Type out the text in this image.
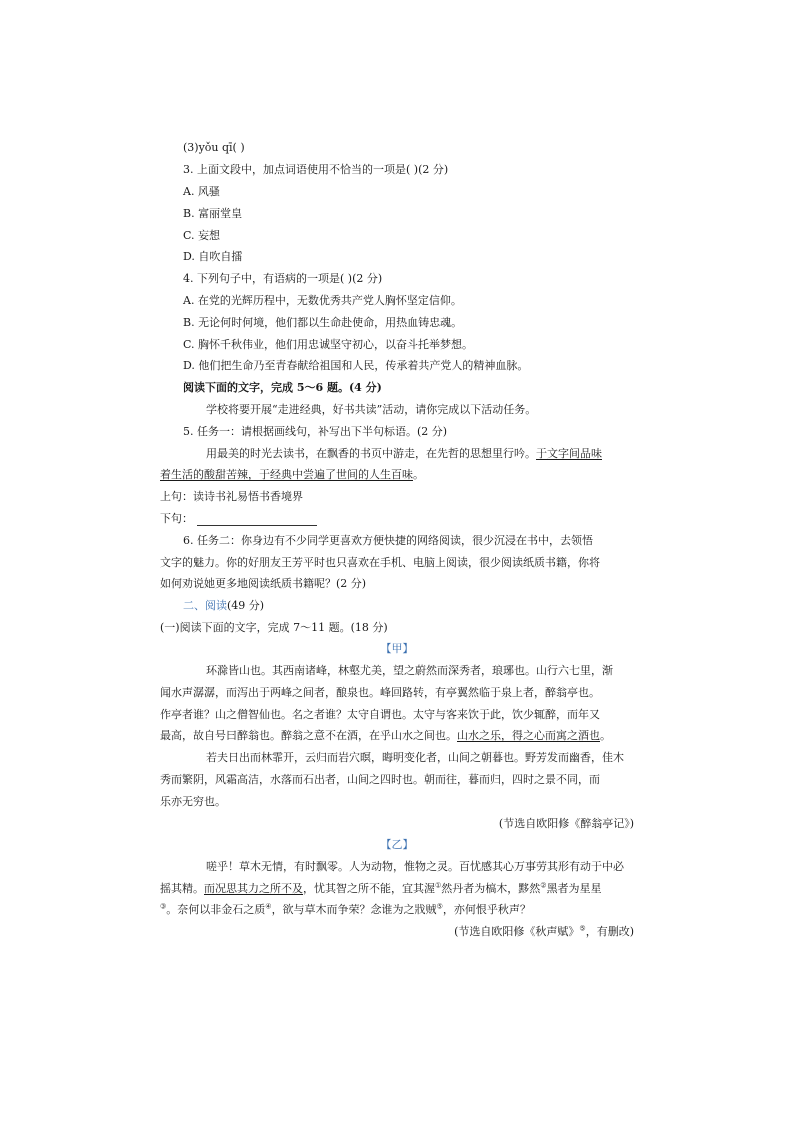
(3)yǒu qī( )
3. 上面文段中，加点词语使用不恰当的一项是( )(2 分)
A. 风骚
B. 富丽堂皇
C. 妄想
D. 自吹自擂
4. 下列句子中，有语病的一项是( )(2 分)
A. 在党的光辉历程中，无数优秀共产党人胸怀坚定信仰。
B. 无论何时何境，他们都以生命赴使命，用热血铸忠魂。
C. 胸怀千秋伟业，他们用忠诚坚守初心，以奋斗托举梦想。
D. 他们把生命乃至青春献给祖国和人民，传承着共产党人的精神血脉。
阅读下面的文字，完成 5～6 题。(4 分)
学校将要开展“走进经典，好书共读”活动，请你完成以下活动任务。
5. 任务一：请根据画线句，补写出下半句标语。(2 分)
用最美的时光去读书，在飘香的书页中游走，在先哲的思想里行吟。于文字间品味
着生活的酸甜苦辣，于经典中尝遍了世间的人生百味。
上句：读诗书礼易悟书香境界
下句：
6. 任务二：你身边有不少同学更喜欢方便快捷的网络阅读，很少沉浸在书中，去领悟
文字的魅力。你的好朋友王芳平时也只喜欢在手机、电脑上阅读，很少阅读纸质书籍，你将
如何劝说她更多地阅读纸质书籍呢？(2 分)
二、阅读(49 分)
(一)阅读下面的文字，完成 7～11 题。(18 分)
【甲】
环滁皆山也。其西南诸峰，林壑尤美，望之蔚然而深秀者，琅琊也。山行六七里，渐
闻水声潺潺，而泻出于两峰之间者，酿泉也。峰回路转，有亭翼然临于泉上者，醉翁亭也。
作亭者谁？山之僧智仙也。名之者谁？太守自谓也。太守与客来饮于此，饮少辄醉，而年又
最高，故自号曰醉翁也。醉翁之意不在酒，在乎山水之间也。山水之乐，得之心而寓之酒也。
若夫日出而林霏开，云归而岩穴暝，晦明变化者，山间之朝暮也。野芳发而幽香，佳木
秀而繁阴，风霜高洁，水落而石出者，山间之四时也。朝而往，暮而归，四时之景不同，而
乐亦无穷也。
(节选自欧阳修《醉翁亭记》)
【乙】
嗟乎！草木无情，有时飘零。人为动物，惟物之灵。百忧感其心万事劳其形有动于中必
摇其精。而况思其力之所不及，忧其智之所不能，宜其渥①然丹者为槁木，黟然②黑者为星星
③。奈何以非金石之质④，欲与草木而争荣？念谁为之戕贼⑤，亦何恨乎秋声？
(节选自欧阳修《秋声赋》⑤，有删改)
